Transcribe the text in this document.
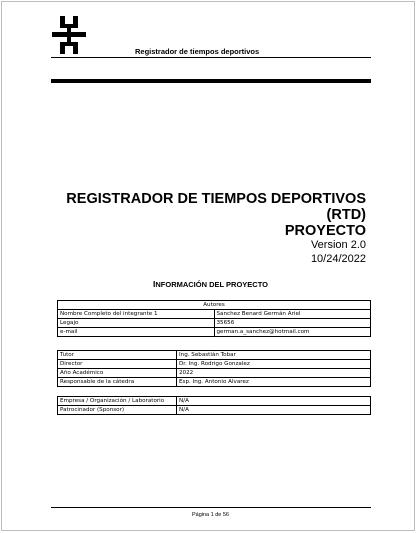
Registrador de tiempos deportivos
REGISTRADOR DE TIEMPOS DEPORTIVOS
(RTD)
PROYECTO
Version 2.0
10/24/2022
INFORMACIÓN DEL PROYECTO
Autores	
Nombre Completo del integrante 1	Sanchez Benard Germán Ariel
Legajo	35656
e-mail	german.a_sanchez@hotmail.com
Tutor	Ing. Sebastián Tobar
Director	Dr. Ing. Rodrigo Gonzalez
Año Académico	2022
Responsable de la cátedra	Esp. Ing. Antonio Alvarez
Empresa / Organización / Laboratorio	N/A
Patrocinador (Sponsor)	N/A
Página 1 de 56
